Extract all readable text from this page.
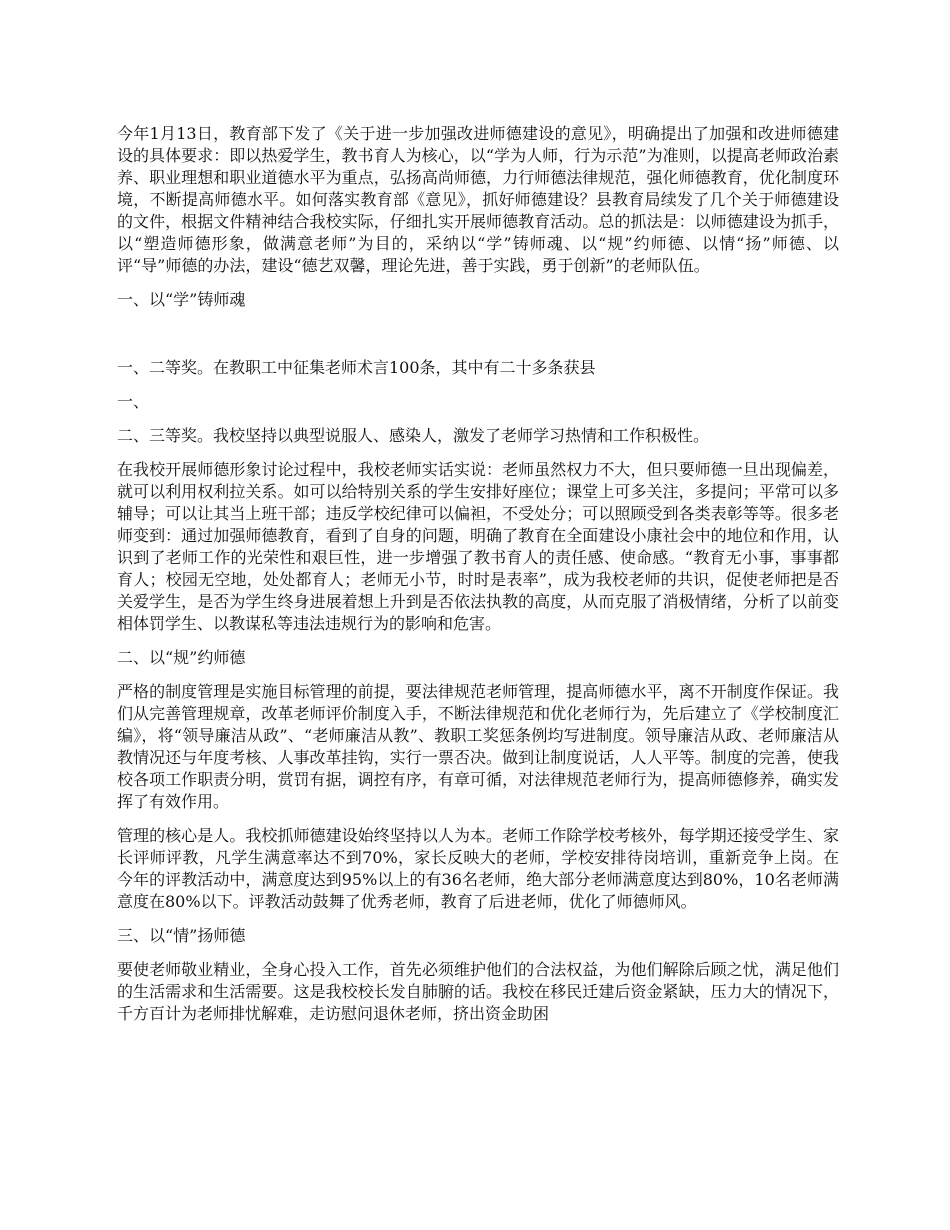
今年1月13日，教育部下发了《关于进一步加强改进师德建设的意见》，明确提出了加强和改进师德建设的具体要求：即以热爱学生，教书育人为核心，以“学为人师，行为示范”为准则，以提高老师政治素养、职业理想和职业道德水平为重点，弘扬高尚师德，力行师德法律规范，强化师德教育，优化制度环境，不断提高师德水平。如何落实教育部《意见》，抓好师德建设？县教育局续发了几个关于师德建设的文件，根据文件精神结合我校实际，仔细扎实开展师德教育活动。总的抓法是：以师德建设为抓手，以“塑造师德形象，做满意老师”为目的，采纳以“学”铸师魂、以“规”约师德、以情“扬”师德、以评“导”师德的办法，建设“德艺双馨，理论先进，善于实践，勇于创新”的老师队伍。

一、以“学”铸师魂

一、二等奖。在教职工中征集老师术言100条，其中有二十多条获县

一、

二、三等奖。我校坚持以典型说服人、感染人，激发了老师学习热情和工作积极性。

在我校开展师德形象讨论过程中，我校老师实话实说：老师虽然权力不大，但只要师德一旦出现偏差，就可以利用权利拉关系。如可以给特别关系的学生安排好座位；课堂上可多关注，多提问；平常可以多辅导；可以让其当上班干部；违反学校纪律可以偏袒，不受处分；可以照顾受到各类表彰等等。很多老师变到：通过加强师德教育，看到了自身的问题，明确了教育在全面建设小康社会中的地位和作用，认识到了老师工作的光荣性和艰巨性，进一步增强了教书育人的责任感、使命感。“教育无小事，事事都育人；校园无空地，处处都育人；老师无小节，时时是表率”，成为我校老师的共识，促使老师把是否关爱学生，是否为学生终身进展着想上升到是否依法执教的高度，从而克服了消极情绪，分析了以前变相体罚学生、以教谋私等违法违规行为的影响和危害。

二、以“规”约师德

严格的制度管理是实施目标管理的前提，要法律规范老师管理，提高师德水平，离不开制度作保证。我们从完善管理规章，改革老师评价制度入手，不断法律规范和优化老师行为，先后建立了《学校制度汇编》，将“领导廉洁从政”、“老师廉洁从教”、教职工奖惩条例均写进制度。领导廉洁从政、老师廉洁从教情况还与年度考核、人事改革挂钩，实行一票否决。做到让制度说话，人人平等。制度的完善，使我校各项工作职责分明，赏罚有据，调控有序，有章可循，对法律规范老师行为，提高师德修养，确实发挥了有效作用。

管理的核心是人。我校抓师德建设始终坚持以人为本。老师工作除学校考核外，每学期还接受学生、家长评师评教，凡学生满意率达不到70%，家长反映大的老师，学校安排待岗培训，重新竞争上岗。在今年的评教活动中，满意度达到95%以上的有36名老师，绝大部分老师满意度达到80%，10名老师满意度在80%以下。评教活动鼓舞了优秀老师，教育了后进老师，优化了师德师风。

三、以“情”扬师德

要使老师敬业精业，全身心投入工作，首先必须维护他们的合法权益，为他们解除后顾之忧，满足他们的生活需求和生活需要。这是我校校长发自肺腑的话。我校在移民迁建后资金紧缺，压力大的情况下，千方百计为老师排忧解难，走访慰问退休老师，挤出资金助困
